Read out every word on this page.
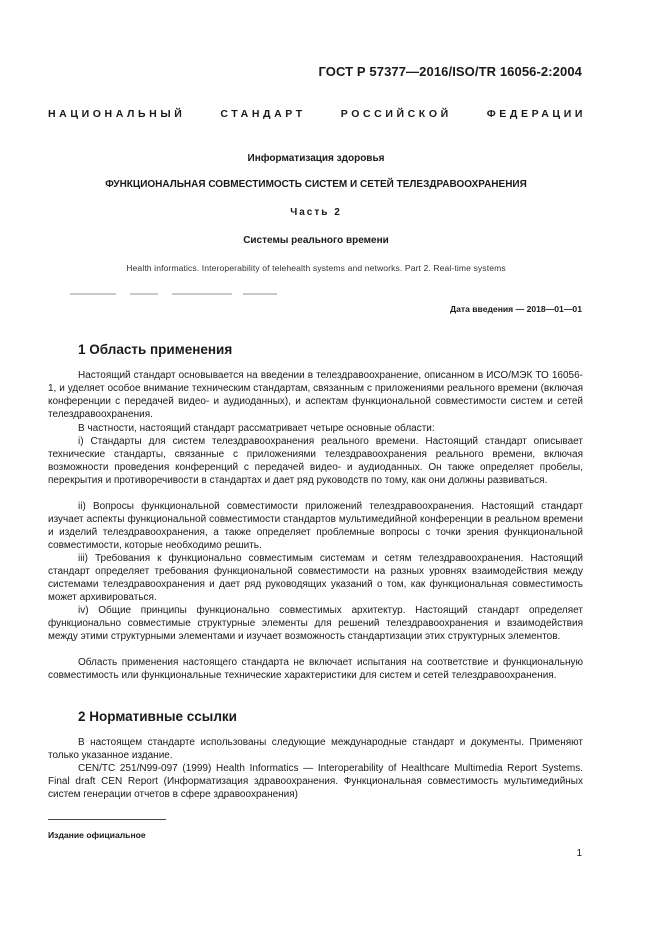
ГОСТ Р 57377—2016/ISO/TR 16056-2:2004
НАЦИОНАЛЬНЫЙ СТАНДАРТ РОССИЙСКОЙ ФЕДЕРАЦИИ
Информатизация здоровья
ФУНКЦИОНАЛЬНАЯ СОВМЕСТИМОСТЬ СИСТЕМ И СЕТЕЙ ТЕЛЕЗДРАВООХРАНЕНИЯ
Часть 2
Системы реального времени
Health informatics. Interoperability of telehealth systems and networks. Part 2. Real-time systems
Дата введения — 2018—01—01
1 Область применения

Настоящий стандарт основывается на введении в телездравоохранение, описанном в ИСО/МЭК ТО 16056-1, и уделяет особое внимание техническим стандартам, связанным с приложениями реального времени (включая конференции с передачей видео- и аудиоданных), и аспектам функциональной совместимости систем и сетей телездравоохранения.

В частности, настоящий стандарт рассматривает четыре основные области:

i) Стандарты для систем телездравоохранения реального времени. Настоящий стандарт описывает технические стандарты, связанные с приложениями телездравоохранения реального времени, включая возможности проведения конференций с передачей видео- и аудиоданных. Он также определяет пробелы, перекрытия и противоречивости в стандартах и дает ряд руководств по тому, как они должны развиваться.

ii) Вопросы функциональной совместимости приложений телездравоохранения. Настоящий стандарт изучает аспекты функциональной совместимости стандартов мультимедийной конференции в реальном времени и изделий телездравоохранения, а также определяет проблемные вопросы с точки зрения функциональной совместимости, которые необходимо решить.

iii) Требования к функционально совместимым системам и сетям телездравоохранения. Настоящий стандарт определяет требования функциональной совместимости на разных уровнях взаимодействия между системами телездравоохранения и дает ряд руководящих указаний о том, как функциональная совместимость может архивироваться.

iv) Общие принципы функционально совместимых архитектур. Настоящий стандарт определяет функционально совместимые структурные элементы для решений телездравоохранения и взаимодействия между этими структурными элементами и изучает возможность стандартизации этих структурных элементов.

Область применения настоящего стандарта не включает испытания на соответствие и функциональную совместимость или функциональные технические характеристики для систем и сетей телездравоохранения.

2 Нормативные ссылки

В настоящем стандарте использованы следующие международные стандарт и документы. Применяют только указанное издание.

CEN/TC 251/N99-097 (1999) Health Informatics — Interoperability of Healthcare Multimedia Report Systems. Final draft CEN Report (Информатизация здравоохранения. Функциональная совместимость мультимедийных систем генерации отчетов в сфере здравоохранения)

Издание официальное
1
